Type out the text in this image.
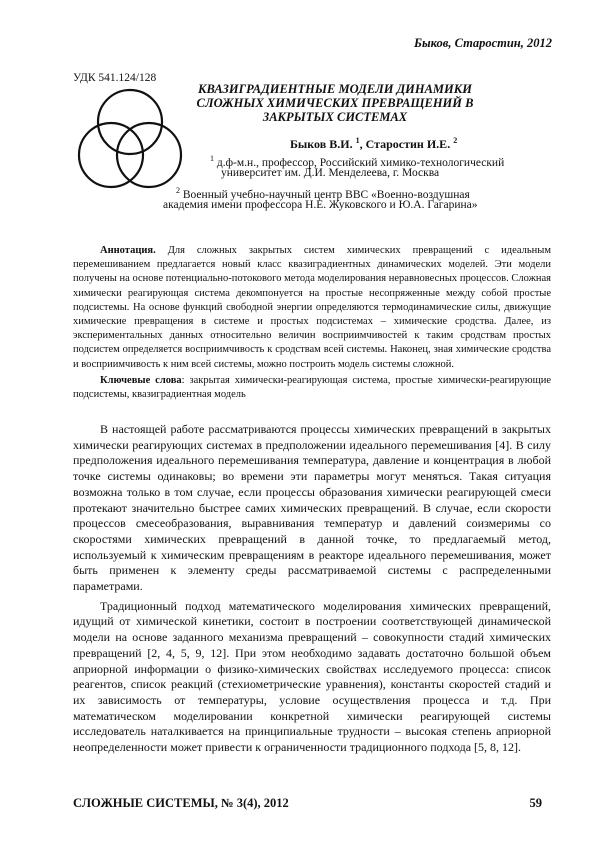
Быков, Старостин, 2012
УДК 541.124/128
КВАЗИГРАДИЕНТНЫЕ МОДЕЛИ ДИНАМИКИ
СЛОЖНЫХ ХИМИЧЕСКИХ ПРЕВРАЩЕНИЙ В
ЗАКРЫТЫХ СИСТЕМАХ
Быков В.И. $^1$, Старостин И.Е. $^2$
$^1$ д.ф-м.н., профессор, Российский химико-технологический
университет им. Д.И. Менделеева, г. Москва
$^2$ Военный учебно-научный центр ВВС «Военно-воздушная
академия имени профессора Н.Е. Жуковского и Ю.А. Гагарина»

Аннотация. Для сложных закрытых систем химических превращений с идеальным перемешиванием предлагается новый класс квазиградиентных динамических моделей. Эти модели получены на основе потенциально-потокового метода моделирования неравновесных процессов. Сложная химически реагирующая система декомпонуется на простые несопряженные между собой простые подсистемы. На основе функций свободной энергии определяются термодинамические силы, движущие химические превращения в системе и простых подсистемах – химические сродства. Далее, из экспериментальных данных относительно величин восприимчивостей к таким сродствам простых подсистем определяется восприимчивость к сродствам всей системы. Наконец, зная химические сродства и восприимчивость к ним всей системы, можно построить модель системы сложной.

Ключевые слова: закрытая химически-реагирующая система, простые химически-реагирующие подсистемы, квазиградиентная модель

В настоящей работе рассматриваются процессы химических превращений в закрытых химически реагирующих системах в предположении идеального перемешивания [4]. В силу предположения идеального перемешивания температура, давление и концентрация в любой точке системы одинаковы; во времени эти параметры могут меняться. Такая ситуация возможна только в том случае, если процессы образования химически реагирующей смеси протекают значительно быстрее самих химических превращений. В случае, если скорости процессов смесеобразования, выравнивания температур и давлений соизмеримы со скоростями химических превращений в данной точке, то предлагаемый метод, используемый к химическим превращениям в реакторе идеального перемешивания, может быть применен к элементу среды рассматриваемой системы с распределенными параметрами.

Традиционный подход математического моделирования химических превращений, идущий от химической кинетики, состоит в построении соответствующей динамической модели на основе заданного механизма превращений – совокупности стадий химических превращений [2, 4, 5, 9, 12]. При этом необходимо задавать достаточно большой объем априорной информации о физико-химических свойствах исследуемого процесса: список реагентов, список реакций (стехиометрические уравнения), константы скоростей стадий и их зависимость от температуры, условие осуществления процесса и т.д. При математическом моделировании конкретной химически реагирующей системы исследователь наталкивается на принципиальные трудности – высокая степень априорной неопределенности может привести к ограниченности традиционного подхода [5, 8, 12].

СЛОЖНЫЕ СИСТЕМЫ, № 3(4), 2012	59
